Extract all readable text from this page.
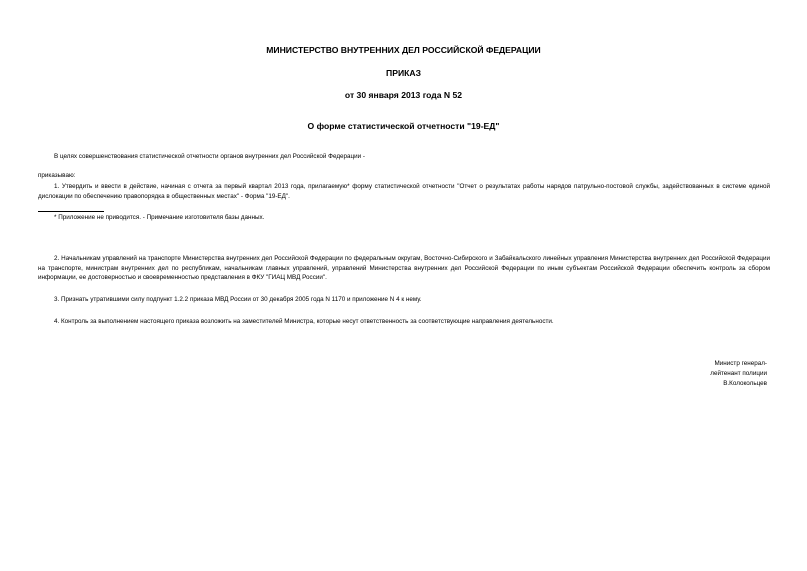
МИНИСТЕРСТВО ВНУТРЕННИХ ДЕЛ РОССИЙСКОЙ ФЕДЕРАЦИИ
ПРИКАЗ
от 30 января 2013 года N 52
О форме статистической отчетности "19-ЕД"
В целях совершенствования статистической отчетности органов внутренних дел Российской Федерации -
приказываю:
1. Утвердить и ввести в действие, начиная с отчета за первый квартал 2013 года, прилагаемую* форму статистической отчетности "Отчет о результатах работы нарядов патрульно-постовой службы, задействованных в системе единой дислокации по обеспечению правопорядка в общественных местах" - Форма "19-ЕД".
* Приложение не приводится. - Примечание изготовителя базы данных.
2. Начальникам управлений на транспорте Министерства внутренних дел Российской Федерации по федеральным округам, Восточно-Сибирского и Забайкальского линейных управления Министерства внутренних дел Российской Федерации на транспорте, министрам внутренних дел по республикам, начальникам главных управлений, управлений Министерства внутренних дел Российской Федерации по иным субъектам Российской Федерации обеспечить контроль за сбором информации, ее достоверностью и своевременностью представления в ФКУ "ГИАЦ МВД России".
3. Признать утратившими силу подпункт 1.2.2 приказа МВД России от 30 декабря 2005 года N 1170 и приложение N 4 к нему.
4. Контроль за выполнением настоящего приказа возложить на заместителей Министра, которые несут ответственность за соответствующие направления деятельности.
Министр генерал-
лейтенант полиции
В.Колокольцев
